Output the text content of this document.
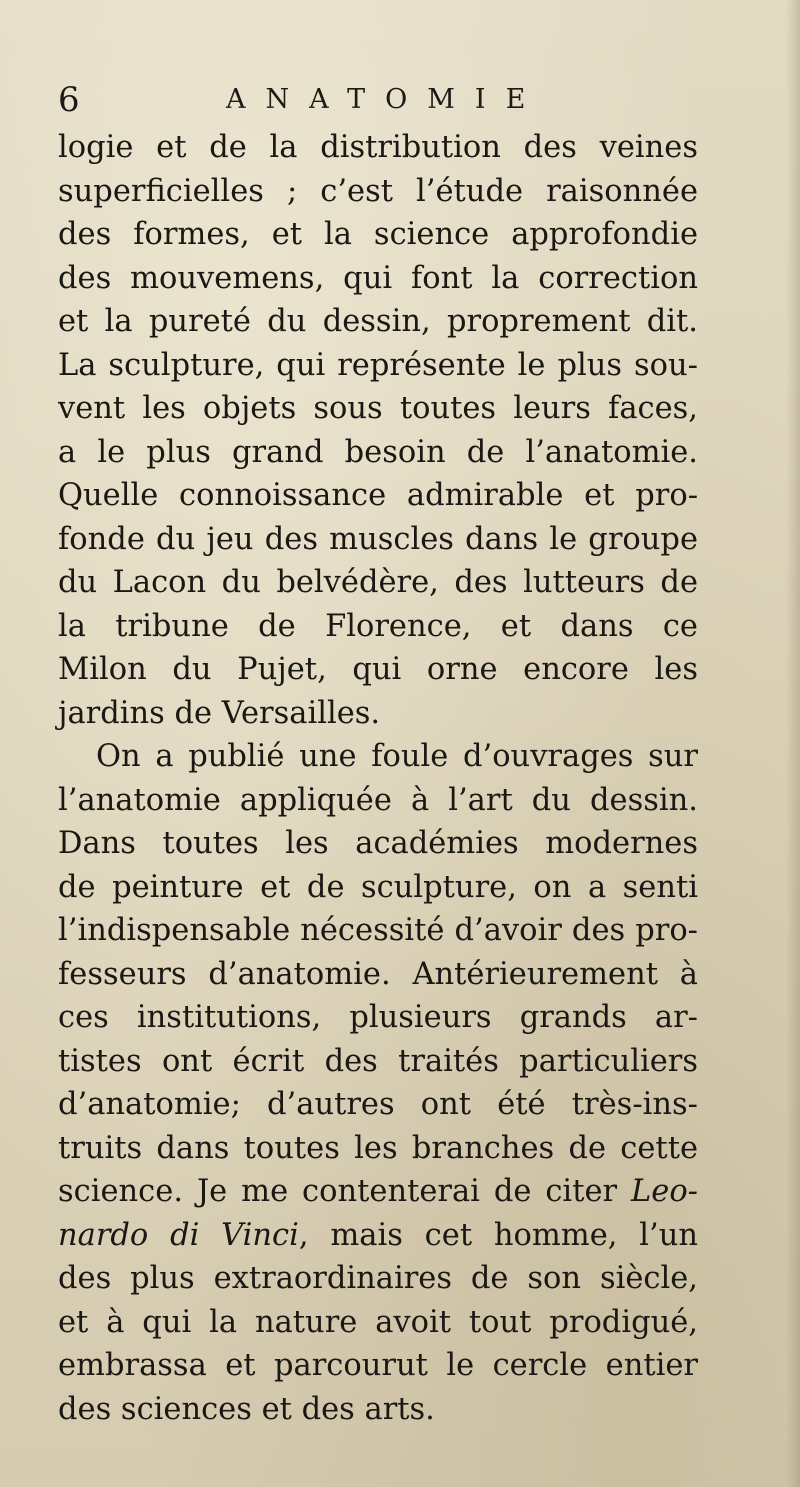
6	ANATOMIE
logie et de la distribution des veines
superficielles ; c’est l’étude raisonnée
des formes, et la science approfondie
des mouvemens, qui font la correction
et la pureté du dessin, proprement dit.
La sculpture, qui représente le plus sou-
vent les objets sous toutes leurs faces,
a le plus grand besoin de l’anatomie.
Quelle connoissance admirable et pro-
fonde du jeu des muscles dans le groupe
du Lacon du belvédère, des lutteurs de
la tribune de Florence, et dans ce
Milon du Pujet, qui orne encore les
jardins de Versailles.
On a publié une foule d’ouvrages sur
l’anatomie appliquée à l’art du dessin.
Dans toutes les académies modernes
de peinture et de sculpture, on a senti
l’indispensable nécessité d’avoir des pro-
fesseurs d’anatomie. Antérieurement à
ces institutions, plusieurs grands ar-
tistes ont écrit des traités particuliers
d’anatomie; d’autres ont été très-ins-
truits dans toutes les branches de cette
science. Je me contenterai de citer Leo-
nardo di Vinci, mais cet homme, l’un
des plus extraordinaires de son siècle,
et à qui la nature avoit tout prodigué,
embrassa et parcourut le cercle entier
des sciences et des arts.
